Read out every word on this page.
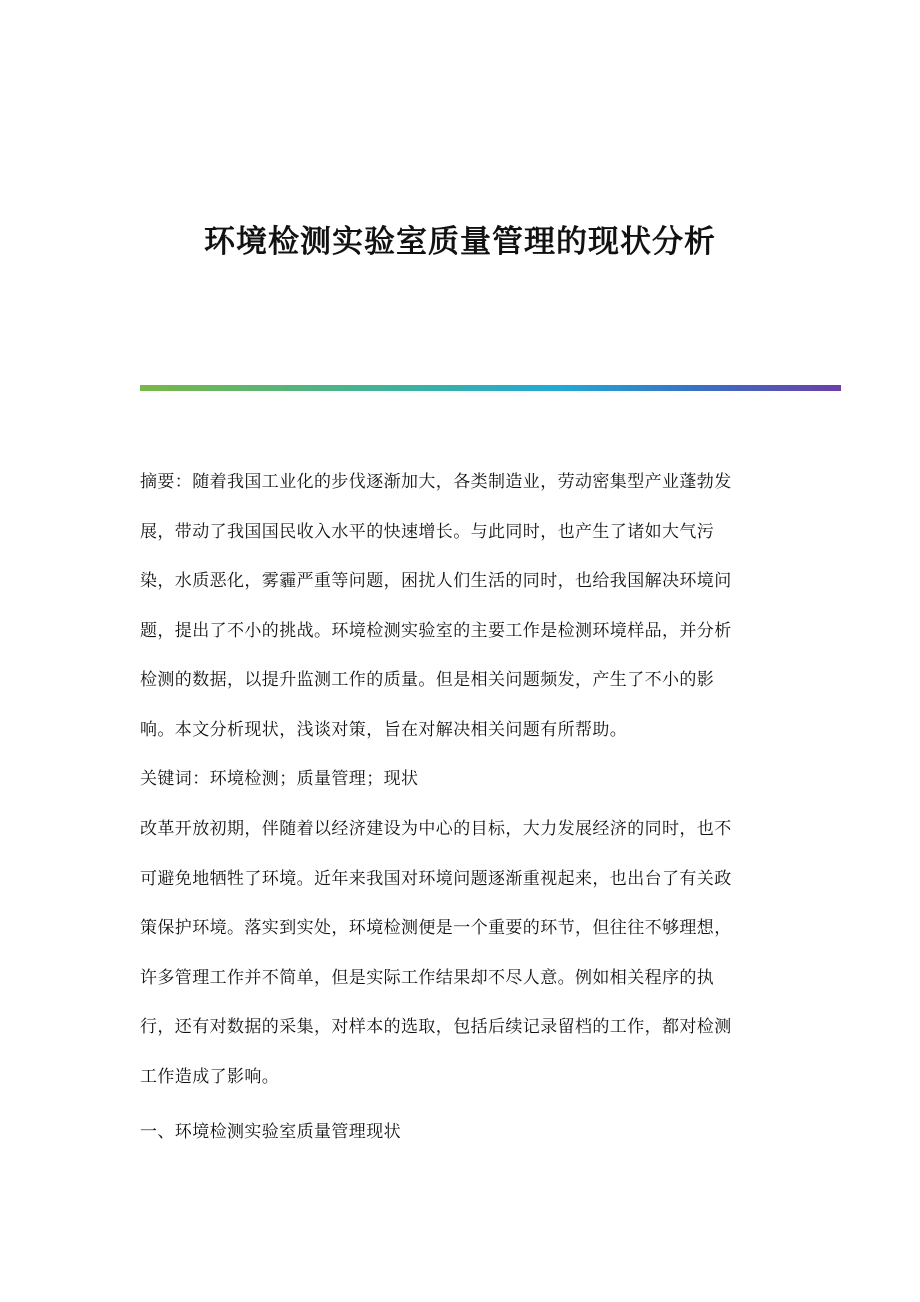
环境检测实验室质量管理的现状分析
摘要：随着我国工业化的步伐逐渐加大，各类制造业，劳动密集型产业蓬勃发
展，带动了我国国民收入水平的快速增长。与此同时，也产生了诸如大气污
染，水质恶化，雾霾严重等问题，困扰人们生活的同时，也给我国解决环境问
题，提出了不小的挑战。环境检测实验室的主要工作是检测环境样品，并分析
检测的数据，以提升监测工作的质量。但是相关问题频发，产生了不小的影
响。本文分析现状，浅谈对策，旨在对解决相关问题有所帮助。
关键词：环境检测；质量管理；现状
改革开放初期，伴随着以经济建设为中心的目标，大力发展经济的同时，也不
可避免地牺牲了环境。近年来我国对环境问题逐渐重视起来，也出台了有关政
策保护环境。落实到实处，环境检测便是一个重要的环节，但往往不够理想，
许多管理工作并不简单，但是实际工作结果却不尽人意。例如相关程序的执
行，还有对数据的采集，对样本的选取，包括后续记录留档的工作，都对检测
工作造成了影响。
一、环境检测实验室质量管理现状
